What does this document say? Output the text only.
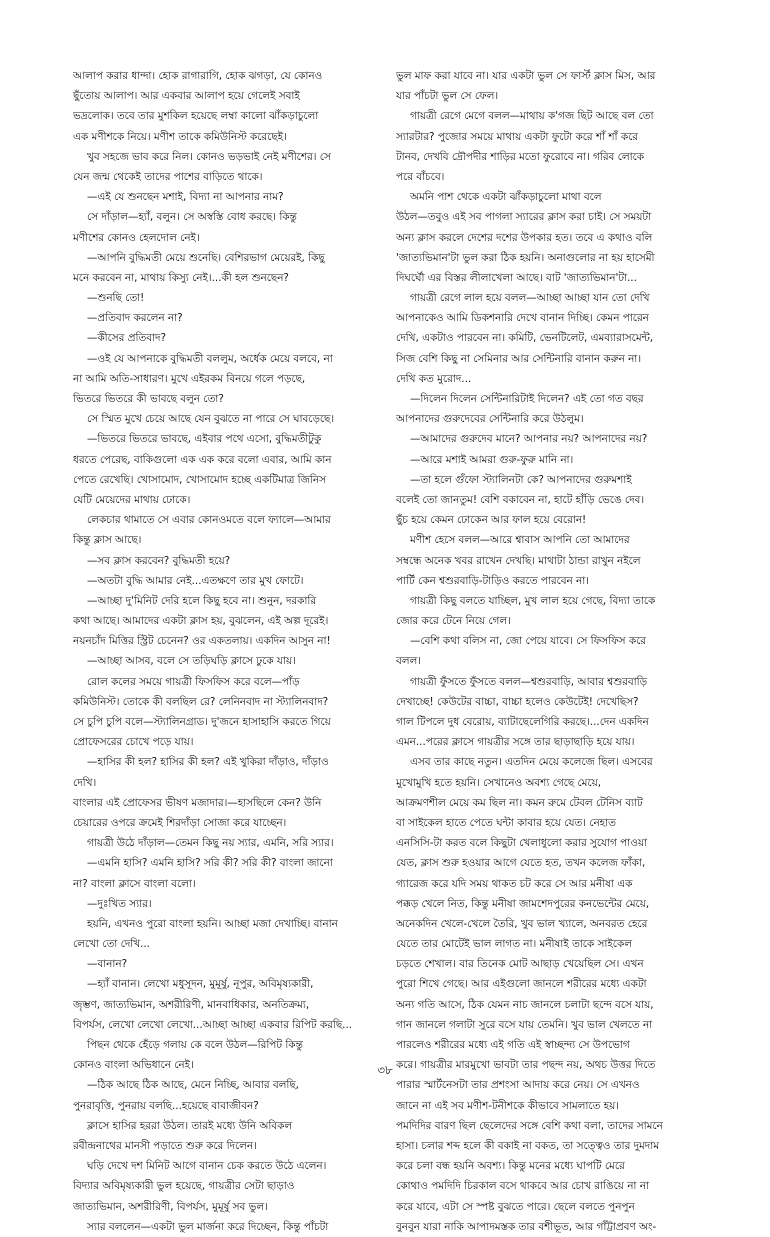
আলাপ করার ধান্দা। হোক রাগারাগি, হোক ঝগড়া, যে কোনও
ছুঁতোয় আলাপ। আর একবার আলাপ হয়ে গেলেই সবাই
ভদ্রলোক। তবে তার মুশকিল হয়েছে লম্বা কালো ঝাঁকড়াচুলো
এক মণীশকে নিয়ে। মণীশ তাকে কমিউনিস্ট করেছেই।
খুব সহজে ভাব করে নিল। কোনও ভড়ভাই নেই মণীশের। সে
যেন জন্ম থেকেই তাদের পাশের বাড়িতে থাকে।
—এই যে শুনছেন মশাই, বিদ্যা না আপনার নাম?
সে দাঁড়াল—হ্যাঁ, বলুন। সে অস্বস্তি বোধ করছে। কিন্তু
মণীশের কোনও হেলদোল নেই।
—আপনি বুদ্ধিমতী মেয়ে শুনেছি। বেশিরভাগ মেয়েরই, কিছু
মনে করবেন না, মাথায় কিস্যু নেই।...কী হল শুনছেন?
—শুনছি তো!
—প্রতিবাদ করলেন না?
—কীসের প্রতিবাদ?
—ওই যে আপনাকে বুদ্ধিমতী বললুম, অর্ধেক মেয়ে বলবে, না
না আমি অতি-সাধারণ। মুখে এইরকম বিনয়ে গলে পড়ছে,
ভিতরে ভিতরে কী ভাবছে বলুন তো?
সে স্মিত মুখে চেয়ে আছে যেন বুঝতে না পারে সে ঘাবড়েছে।
—ভিতরে ভিতরে ভাবছে, এইবার পথে এসো, বুদ্ধিমতীটুকু
ধরতে পেরেছ, বাকিগুলো এক এক করে বলো এবার, আমি কান
পেতে রেখেছি। খোসামোদ, খোসামোদ হচ্ছে একটিমাত্র জিনিস
যেটি মেয়েদের মাথায় ঢোকে।
লেকচার থামাতে সে এবার কোনওমতে বলে ফ্যালে—আমার
কিন্তু ক্লাস আছে।
—সব ক্লাস করবেন? বুদ্ধিমতী হয়ে?
—অতটা বুদ্ধি আমার নেই...এতক্ষণে তার মুখ ফোটে।
—আচ্ছা দু'মিনিট দেরি হলে কিছু হবে না। শুনুন, দরকারি
কথা আছে। আমাদের একটা ক্লাস হয়, বুঝলেন, এই অল্প দূরেই।
নয়নচাঁদ মিত্তির স্ট্রিট চেনেন? ওর একতলায়। একদিন আসুন না!
—আচ্ছা আসব, বলে সে তড়িঘড়ি ক্লাসে ঢুকে যায়।
রোল কলের সময়ে গায়ত্রী ফিসফিস করে বলে—পাঁড়
কমিউনিস্ট। তোকে কী বলছিল রে? লেনিনবাদ না স্ট্যালিনবাদ?
সে চুপি চুপি বলে—স্ট্যালিনগ্রাড। দু'জনে হাসাহাসি করতে গিয়ে
প্রোফেসরের চোখে পড়ে যায়।
—হাসির কী হল? হাসির কী হল? এই খুকিরা দাঁড়াও, দাঁড়াও
দেখি।
বাংলার এই প্রোফেসর ভীষণ মজাদার।—হাসছিলে কেন? উনি
চেয়ারের ওপরে ক্রমেই শিরদাঁড়া সোজা করে যাচ্ছেন।
গায়ত্রী উঠে দাঁড়াল—তেমন কিছু নয় স্যার, এমনি, সরি স্যার।
—এমনি হাসি? এমনি হাসি? সরি কী? সরি কী? বাংলা জানো
না? বাংলা ক্লাসে বাংলা বলো।
—দুঃখিত স্যার।
হয়নি, এখনও পুরো বাংলা হয়নি। আচ্ছা মজা দেখাচ্ছি। বানান
লেখো তো দেখি...
—বানান?
—হ্যাঁ বানান। লেখো মধুসূদন, মুমূর্ষু, নূপুর, অবিমৃষ্যকারী,
জৃম্ভণ, জাত্যভিমান, অশরীরিণী, মানবাধিকার, অনতিক্রম্য,
বিপর্যস, লেখো লেখো লেখো...আচ্ছা আচ্ছা একবার রিপিট করছি...
পিছন থেকে হেঁড়ে গলায় কে বলে উঠল—রিপিট কিন্তু
কোনও বাংলা অভিধানে নেই।
—ঠিক আছে ঠিক আছে, মেনে নিচ্ছি, আবার বলছি,
পুনরাবৃত্তি, পুনরায় বলছি...হয়েছে বাবাজীবন?
ক্লাসে হাসির হররা উঠল। তারই মধ্যে উনি অবিকল
রবীন্দ্রনাথের মানসী পড়াতে শুরু করে দিলেন।
ঘড়ি দেখে দশ মিনিট আগে বানান চেক করতে উঠে এলেন।
বিদ্যার অবিমৃষ্যকারী ভুল হয়েছে, গায়ত্রীর সেটা ছাড়াও
জাত্যভিমান, অশরীরিণী, বিপর্যস, মুমূর্ষু সব ভুল।
স্যার বললেন—একটা ভুল মার্জনা করে দিচ্ছেন, কিন্তু পাঁচটা
ভুল মাফ করা যাবে না। যার একটা ভুল সে ফার্স্ট ক্লাস মিস, আর
যার পাঁচটা ভুল সে ফেল।
গায়ত্রী রেগে মেগে বলল—মাথায় ক'গজ ছিট আছে বল তো
স্যারটার? পুজোর সময়ে মাথায় একটা ফুটো করে শাঁ শাঁ করে
টানব, দেখবি দ্রৌপদীর শাড়ির মতো ফুরোবে না। গরিব লোকে
পরে বাঁচবে।
অমনি পাশ থেকে একটা ঝাঁকড়াচুলো মাথা বলে
উঠল—তবুও এই সব পাগলা স্যারের ক্লাস করা চাই। সে সময়টা
অন্য ক্লাস করলে দেশের দশের উপকার হত। তবে এ কথাও বলি
'জাত্যভিমান'টা ভুল করা ঠিক হয়নি। অনাগুলোর না হয় হাসেমী
দিঘর্ঘৌ এর বিস্তর লীলাখেলা আছে। বাট 'জাত্যভিমান'টা...
গায়ত্রী রেগে লাল হয়ে বলল—আচ্ছা আচ্ছা যান তো দেখি
আপনাকেও আমি ডিকশনারি দেখে বানান দিচ্ছি। কেমন পারেন
দেখি, একটাও পারবেন না। কমিটি, ভেনটিলেট, এমব্যারাসমেন্ট,
সিজ বেশি কিছু না সেমিনার আর সেন্টিনারি বানান করুন না।
দেখি কত মুরোদ...
—দিলেন দিলেন সেন্টিনারিটাই দিলেন? এই তো গত বছর
আপনাদের গুরুদেবের সেন্টিনারি করে উঠলুম।
—আমাদের গুরুদেব মানে? আপনার নয়? আপনাদের নয়?
—আরে মশাই আমরা গুরু-ফুরু মানি না।
—তা হলে গুঁফো স্ট্যালিনটা কে? আপনাদের গুরুমশাই
বলেই তো জানতুম! বেশি বকাবেন না, হাটে হাঁড়ি ভেঙে দেব।
ছুঁচ হয়ে কেমন ঢোকেন আর ফাল হয়ে বেরোন!
মণীশ হেসে বলল—আরে শ্বাবাস আপনি তো আমাদের
সম্বন্ধে অনেক খবর রাখেন দেখছি। মাথাটা ঠান্ডা রাখুন নইলে
পার্টি কেন শ্বশুরবাড়ি-টাড়িও করতে পারবেন না।
গায়ত্রী কিছু বলতে যাচ্ছিল, মুখ লাল হয়ে গেছে, বিদ্যা তাকে
জোর করে টেনে নিয়ে গেল।
—বেশি কথা বলিস না, জো পেয়ে যাবে। সে ফিসফিস করে
বলল।
গায়ত্রী ফুঁসতে ফুঁসতে বলল—শ্বশুরবাড়ি, আবার শ্বশুরবাড়ি
দেখাচ্ছে! কেউটের বাচ্চা, বাচ্চা হলেও কেউটেই! দেখেছিস?
গাল টিপলে দুধ বেরোয়, ব্যাটাছেলেগিরি করছে।...দেন একদিন
এমন...পরের ক্লাসে গায়ত্রীর সঙ্গে তার ছাড়াছাড়ি হয়ে যায়।
এসব তার কাছে নতুন। এতদিন মেয়ে কলেজে ছিল। এসবের
মুখোমুখি হতে হয়নি। সেখানেও অবশ্য গেছে মেয়ে,
আক্রমণশীল মেয়ে কম ছিল না। কমন রুমে টেবল টেনিস ব্যাট
বা সাইকেল হাতে পেতে ঘন্টা কাবার হয়ে যেত। নেহাত
এনসিসি-টা করত বলে কিছুটা খেলাধুলো করার সুযোগ পাওয়া
যেত, ক্লাস শুরু হওয়ার আগে যেতে হত, তখন কলেজ ফাঁকা,
গ্যারেজ করে যদি সময় থাকত চট করে সে আর মনীষা এক
পক্কড় খেলে নিত, কিন্তু মনীষা জামশেদপুরের কনভেন্টের মেয়ে,
অনেকদিন খেলে-খেলে তৈরি, খুব ভাল খ্যালে, অনবরত হেরে
যেতে তার মোটেই ভাল লাগত না। মনীষাই তাকে সাইকেল
চড়তে শেখাল। বার তিনেক মোট আছাড় খেয়েছিল সে। এখন
পুরো শিখে গেছে। আর এইগুলো জানলে শরীরের মধ্যে একটা
অন্য গতি আসে, ঠিক যেমন নাচ জানলে চলাটা ছন্দে বসে যায়,
গান জানলে গলাটা সুরে বসে যায় তেমনি। খুব ভাল খেলতে না
পারলেও শরীরের মধ্যে এই গতি এই স্বাচ্ছন্দ্য সে উপভোগ
করে। গায়ত্রীর মারমুখো ভাবটা তার পছন্দ নয়, অথচ উত্তর দিতে
পারার স্মার্টনেসটা তার প্রশংসা আদায় করে নেয়। সে এখনও
জানে না এই সব মণীশ-টনীশকে কীভাবে সামলাতে হয়।
পমদিদির বারণ ছিল ছেলেদের সঙ্গে বেশি কথা বলা, তাদের সামনে
হাসা। চলার শব্দ হলে কী বকাই না বকত, তা সত্ত্বেও তার দুমদাম
করে চলা বন্ধ হয়নি অবশ্য। কিন্তু মনের মধ্যে ঘাপটি মেরে
কোথাও পমদিদি চিরকাল বসে থাকবে আর চোখ রাঙিয়ে না না
করে যাবে, এটা সে স্পষ্ট বুঝতে পারে। ছেলে বলতে পুনপুন
বুনবুন যারা নাকি আপাদমস্তক তার বশীভূত, আর গাঁট্টাপ্রবণ অং-
৩৮
